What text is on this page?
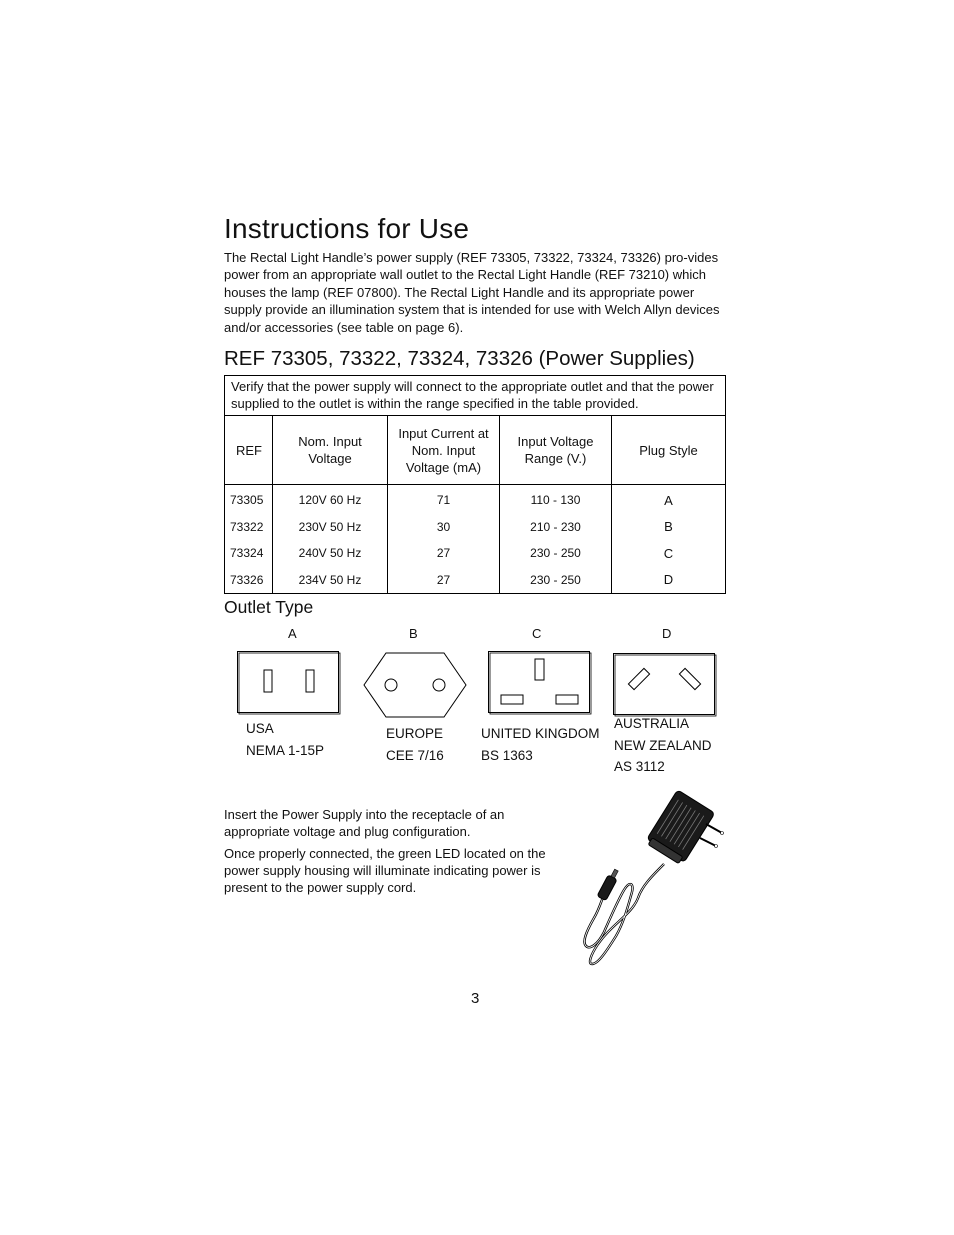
Instructions for Use

The Rectal Light Handle’s power supply (REF 73305, 73322, 73324, 73326) pro-vides power from an appropriate wall outlet to the Rectal Light Handle (REF 73210) which houses the lamp (REF 07800). The Rectal Light Handle and its appropriate power supply provide an illumination system that is intended for use with Welch Allyn devices and/or accessories (see table on page 6).

REF 73305, 73322, 73324, 73326 (Power Supplies)
Verify that the power supply will connect to the appropriate outlet and that the power supplied to the outlet is within the range specified in the table provided.				
REF	Nom. Input Voltage	Input Current at Nom. Input Voltage (mA)	Input Voltage Range (V.)	Plug Style
73305	120V 60 Hz	71	110 - 130	A
73322	230V 50 Hz	30	210 - 230	B
73324	240V 50 Hz	27	230 - 250	C
73326	234V 50 Hz	27	230 - 250	D
Outlet Type
A	B	C	D
USA
NEMA 1-15P
EUROPE
CEE 7/16
UNITED KINGDOM
BS 1363
AUSTRALIA
NEW ZEALAND
AS 3112

Insert the Power Supply into the receptacle of an appropriate voltage and plug configuration.

Once properly connected, the green LED located on the power supply housing will illuminate indicating power is present to the power supply cord.

3
